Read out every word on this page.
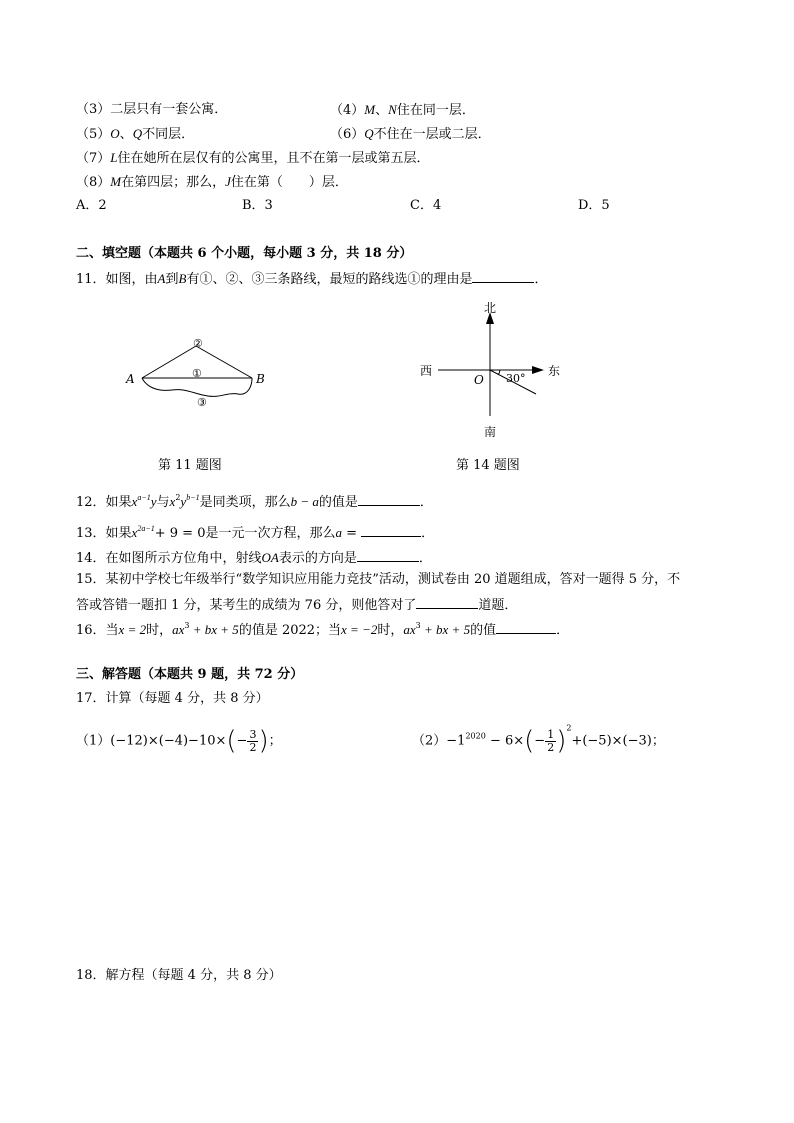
（3）二层只有一套公寓．	（4）M、N住在同一层．
（5）O、Q不同层．	（6）Q不住在一层或二层．
（7）L住在她所在层仅有的公寓里，且不在第一层或第五层．
（8）M在第四层；那么，J住在第（　　）层．
A．2	B．3	C．4	D．5
二、填空题（本题共 6 个小题，每小题 3 分，共 18 分）
11．如图，由A到B有①、②、③三条路线，最短的路线选①的理由是	．
A	B
①
②
③
第 11 题图
北
南
西	东
O 30°
第 14 题图
12．如果$x^{a-1}y$与$x^2y^{b-1}$是同类项，那么b − a的值是	．
13．如果$x^{2a-1}+ 9 = 0$是一元一次方程，那么a =	．
14．在如图所示方位角中，射线OA表示的方向是	．
15．某初中学校七年级举行“数学知识应用能力竞技”活动，测试卷由 20 道题组成，答对一题得 5 分，不
答或答错一题扣 1 分，某考生的成绩为 76 分，则他答对了	道题．
16．当x = 2时，$ax^3$ + bx + 5的值是 2022；当x = −2时，$ax^3$ + bx + 5的值	．
三、解答题（本题共 9 题，共 72 分）
17．计算（每题 4 分，共 8 分）
$(1)(-12)\times(-4)-10\times(- \frac{3}{2}$ )；	$(2)-1^{2020} - 6\times(- \frac{1}{2} )^2+(-5)\times(-3)$；
18．解方程（每题 4 分，共 8 分）
